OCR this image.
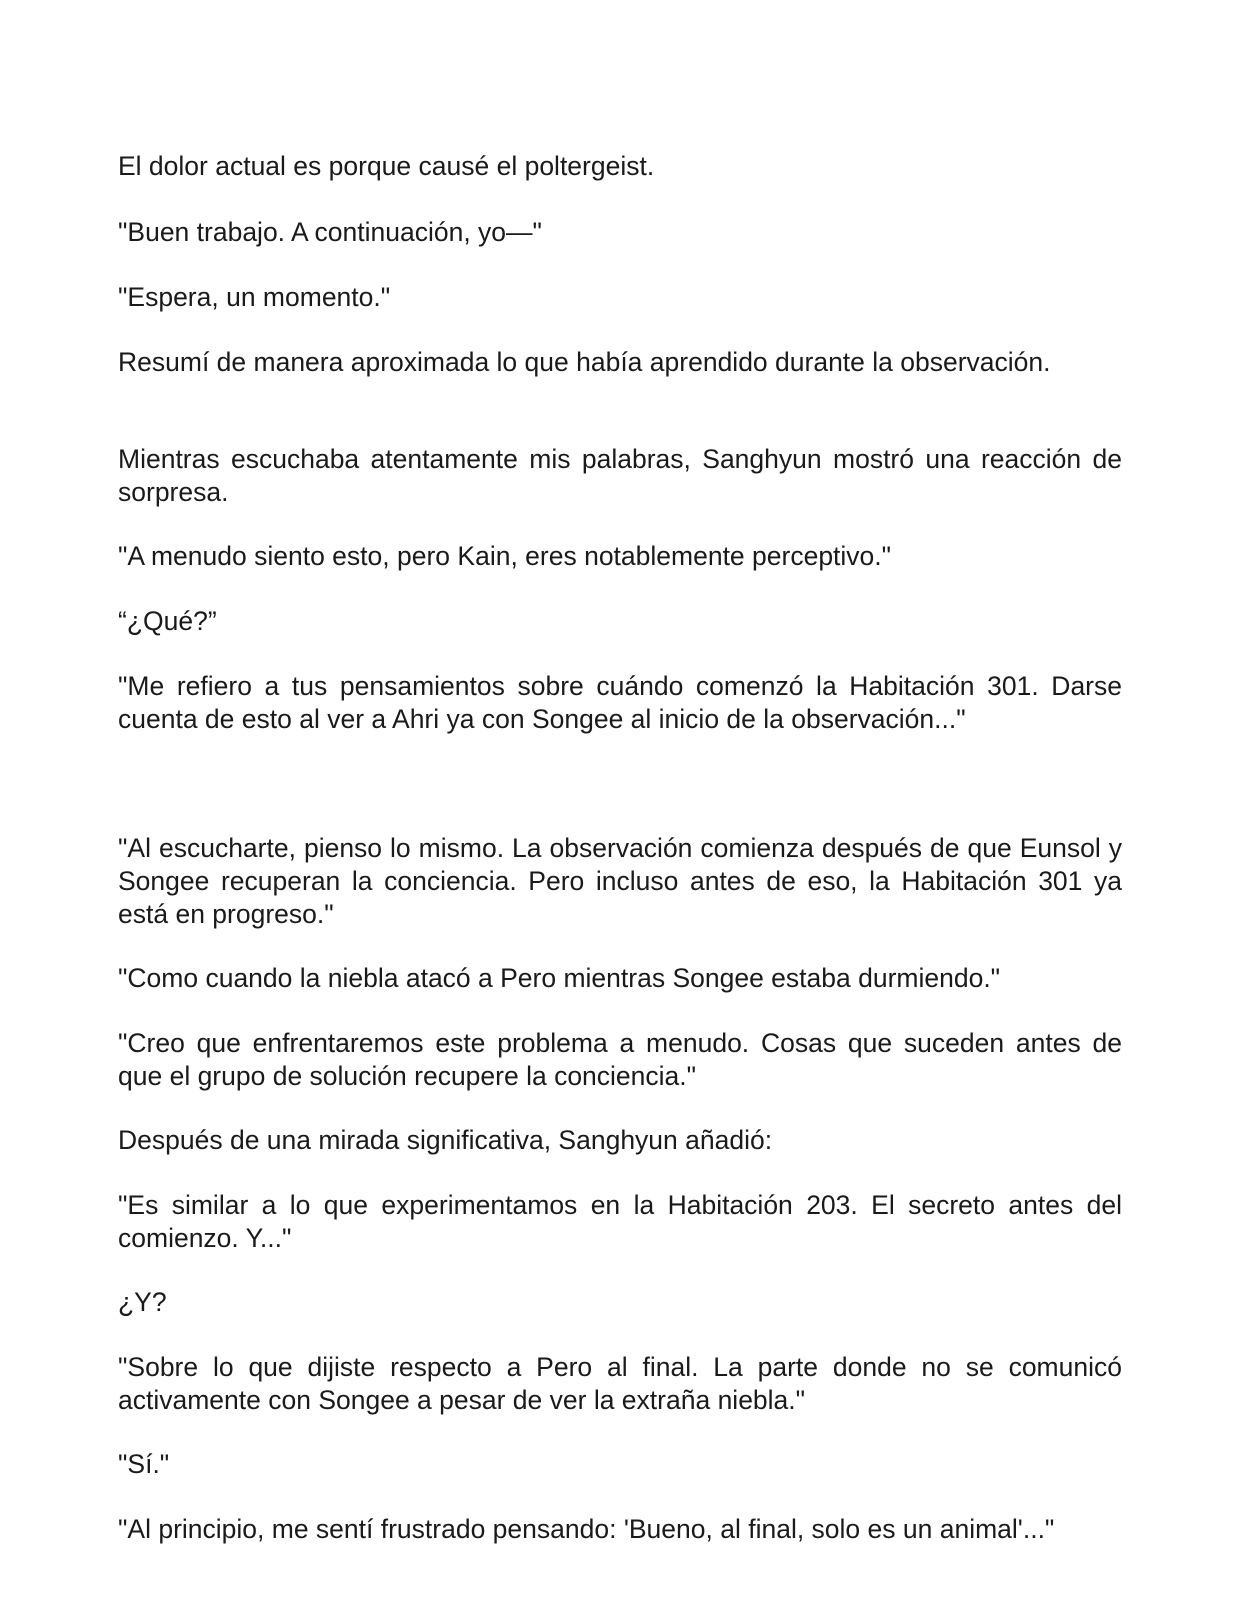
El dolor actual es porque causé el poltergeist.

"Buen trabajo. A continuación, yo—"

"Espera, un momento."

Resumí de manera aproximada lo que había aprendido durante la observación.

Mientras escuchaba atentamente mis palabras, Sanghyun mostró una reacción de sorpresa.

"A menudo siento esto, pero Kain, eres notablemente perceptivo."

“¿Qué?”

"Me refiero a tus pensamientos sobre cuándo comenzó la Habitación 301. Darse cuenta de esto al ver a Ahri ya con Songee al inicio de la observación..."

"Al escucharte, pienso lo mismo. La observación comienza después de que Eunsol y Songee recuperan la conciencia. Pero incluso antes de eso, la Habitación 301 ya está en progreso."

"Como cuando la niebla atacó a Pero mientras Songee estaba durmiendo."

"Creo que enfrentaremos este problema a menudo. Cosas que suceden antes de que el grupo de solución recupere la conciencia."

Después de una mirada significativa, Sanghyun añadió:

"Es similar a lo que experimentamos en la Habitación 203. El secreto antes del comienzo. Y..."

¿Y?

"Sobre lo que dijiste respecto a Pero al final. La parte donde no se comunicó activamente con Songee a pesar de ver la extraña niebla."

"Sí."

"Al principio, me sentí frustrado pensando: 'Bueno, al final, solo es un animal'..."
